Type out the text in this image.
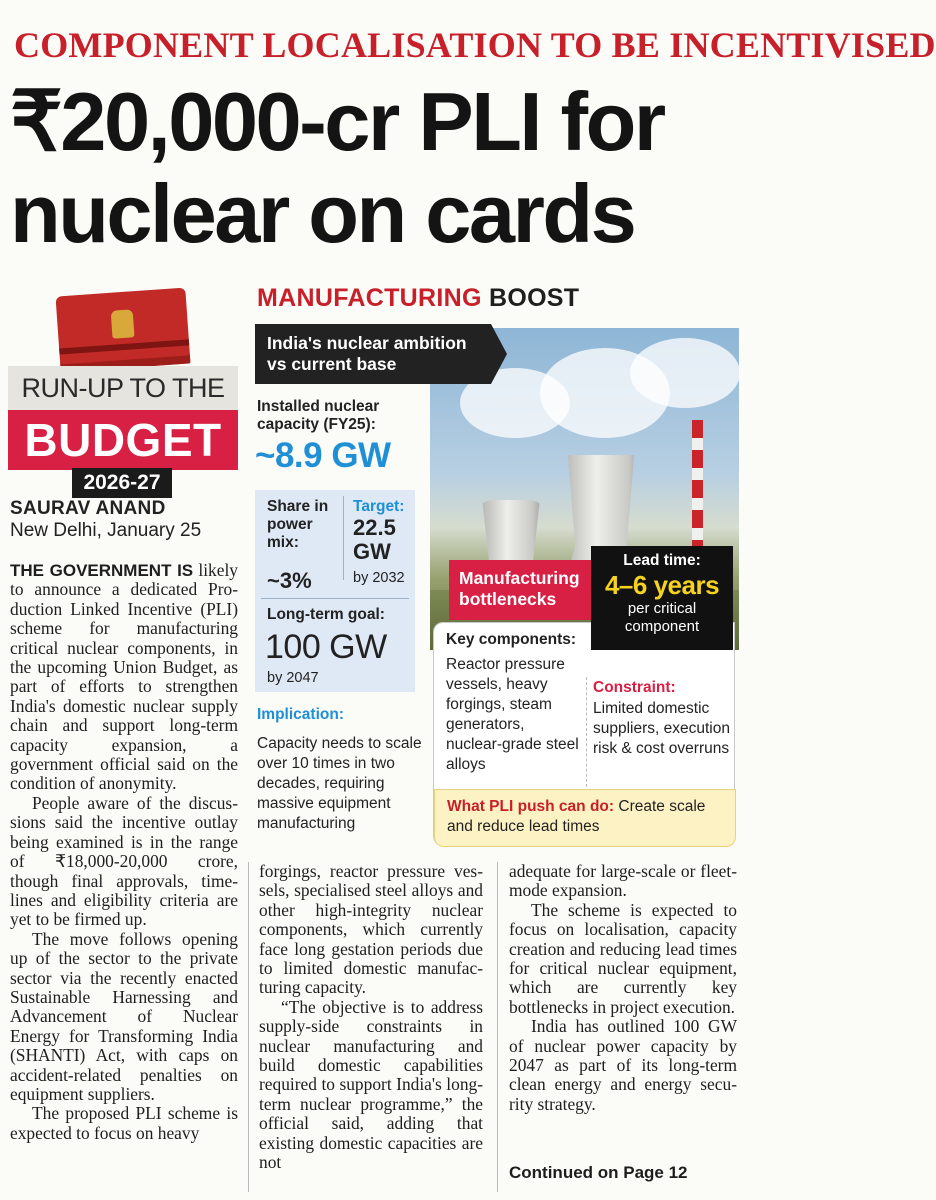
COMPONENT LOCALISATION TO BE INCENTIVISED
₹20,000-cr PLI for nuclear on cards
RUN-UP TO THE
BUDGET
2026-27
SAURAV ANAND
New Delhi, January 25

THE GOVERNMENT IS likely to announce a dedicated Production Linked Incentive (PLI) scheme for manufacturing critical nuclear components, in the upcoming Union Budget, as part of efforts to strengthen India's domestic nuclear supply chain and support long-term capacity expansion, a government official said on the condition of anonymity.

People aware of the discussions said the incentive outlay being examined is in the range of ₹18,000-20,000 crore, though final approvals, timelines and eligibility criteria are yet to be firmed up.

The move follows opening up of the sector to the private sector via the recently enacted Sustainable Harnessing and Advancement of Nuclear Energy for Transforming India (SHANTI) Act, with caps on accident-related penalties on equipment suppliers.

The proposed PLI scheme is expected to focus on heavy

forgings, reactor pressure vessels, specialised steel alloys and other high-integrity nuclear components, which currently face long gestation periods due to limited domestic manufacturing capacity.

“The objective is to address supply-side constraints in nuclear manufacturing and build domestic capabilities required to support India's long-term nuclear programme,” the official said, adding that existing domestic capacities are not

adequate for large-scale or fleet-mode expansion.

The scheme is expected to focus on localisation, capacity creation and reducing lead times for critical nuclear equipment, which are currently key bottlenecks in project execution.

India has outlined 100 GW of nuclear power capacity by 2047 as part of its long-term clean energy and energy security strategy.

Continued on Page 12
MANUFACTURING BOOST
India's nuclear ambition vs current base
Installed nuclear capacity (FY25):
~8.9 GW
Share in power mix:
~3%
Target:
22.5 GW
by 2032
Long-term goal:
100 GW
by 2047
Implication:
Capacity needs to scale over 10 times in two decades, requiring massive equipment manufacturing
Manufacturing bottlenecks
Key components:
Reactor pressure vessels, heavy forgings, steam generators, nuclear-grade steel alloys
Constraint:
Limited domestic suppliers, execution risk & cost overruns
What PLI push can do: Create scale and reduce lead times
Lead time:
4–6 years
per critical component
